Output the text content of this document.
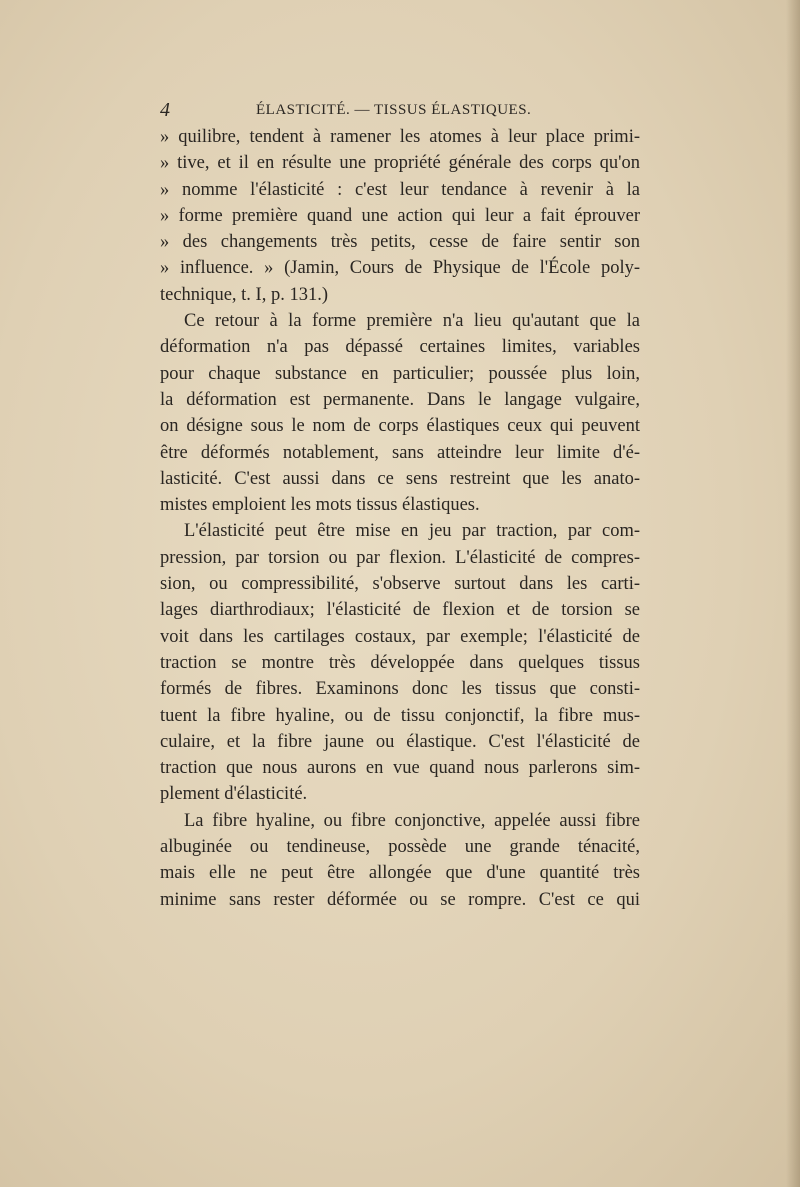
4	ÉLASTICITÉ. — TISSUS ÉLASTIQUES.
» quilibre, tendent à ramener les atomes à leur place primi-
» tive, et il en résulte une propriété générale des corps qu'on
» nomme l'élasticité : c'est leur tendance à revenir à la
» forme première quand une action qui leur a fait éprouver
» des changements très petits, cesse de faire sentir son
» influence. » (Jamin, Cours de Physique de l'École poly-
technique, t. I, p. 131.)
Ce retour à la forme première n'a lieu qu'autant que la
déformation n'a pas dépassé certaines limites, variables
pour chaque substance en particulier; poussée plus loin,
la déformation est permanente. Dans le langage vulgaire,
on désigne sous le nom de corps élastiques ceux qui peuvent
être déformés notablement, sans atteindre leur limite d'é-
lasticité. C'est aussi dans ce sens restreint que les anato-
mistes emploient les mots tissus élastiques.
L'élasticité peut être mise en jeu par traction, par com-
pression, par torsion ou par flexion. L'élasticité de compres-
sion, ou compressibilité, s'observe surtout dans les carti-
lages diarthrodiaux; l'élasticité de flexion et de torsion se
voit dans les cartilages costaux, par exemple; l'élasticité de
traction se montre très développée dans quelques tissus
formés de fibres. Examinons donc les tissus que consti-
tuent la fibre hyaline, ou de tissu conjonctif, la fibre mus-
culaire, et la fibre jaune ou élastique. C'est l'élasticité de
traction que nous aurons en vue quand nous parlerons sim-
plement d'élasticité.
La fibre hyaline, ou fibre conjonctive, appelée aussi fibre
albuginée ou tendineuse, possède une grande ténacité,
mais elle ne peut être allongée que d'une quantité très
minime sans rester déformée ou se rompre. C'est ce qui
